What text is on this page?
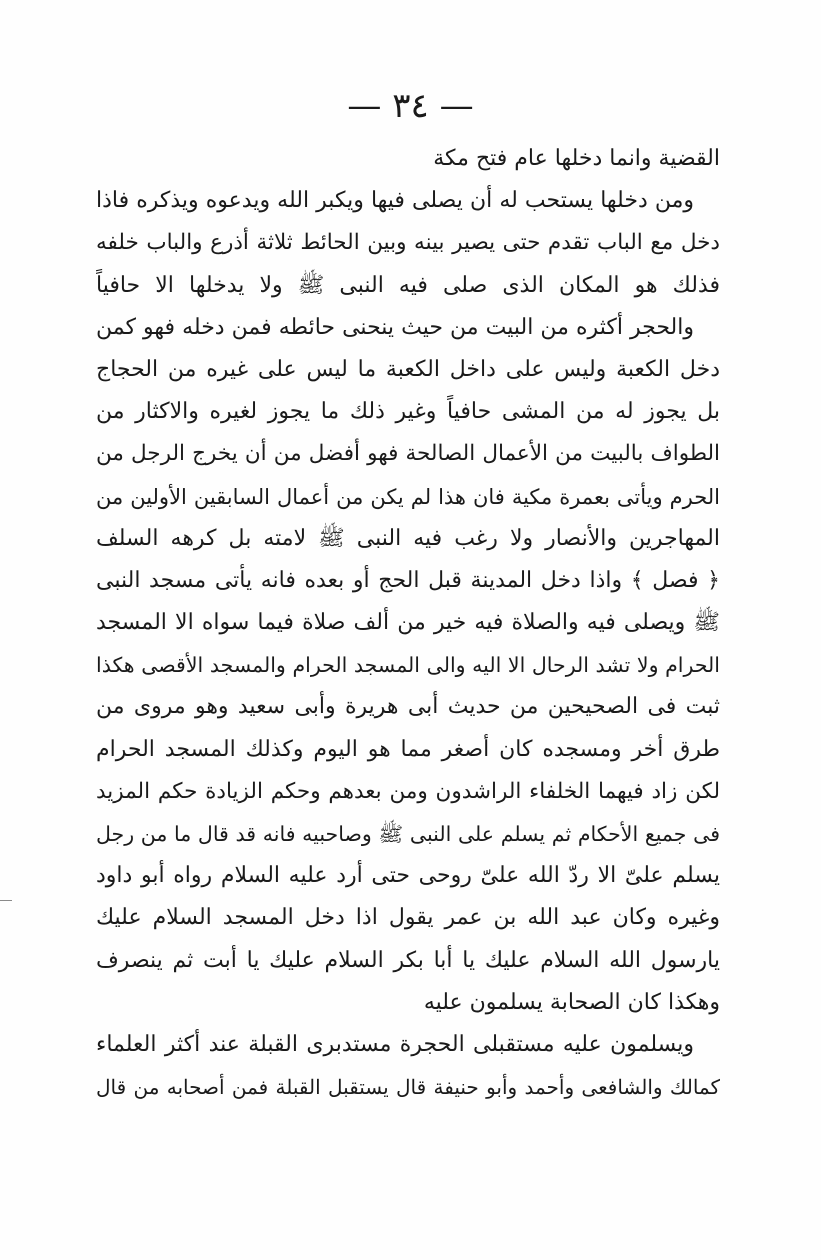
— ٣٤ —
القضية وانما دخلها عام فتح مكة
ومن دخلها يستحب له أن يصلى فيها ويكبر الله ويدعوه ويذكره فاذا
دخل مع الباب تقدم حتى يصير بينه وبين الحائط ثلاثة أذرع والباب خلفه
فذلك هو المكان الذى صلى فيه النبى ﷺ ولا يدخلها الا حافياً
والحجر أكثره من البيت من حيث ينحنى حائطه فمن دخله فهو كمن
دخل الكعبة وليس على داخل الكعبة ما ليس على غيره من الحجاج
بل يجوز له من المشى حافياً وغير ذلك ما يجوز لغيره والاكثار من
الطواف بالبيت من الأعمال الصالحة فهو أفضل من أن يخرج الرجل من
الحرم ويأتى بعمرة مكية فان هذا لم يكن من أعمال السابقين الأولين من
المهاجرين والأنصار ولا رغب فيه النبى ﷺ لامته بل كرهه السلف
﴿ فصل ﴾ واذا دخل المدينة قبل الحج أو بعده فانه يأتى مسجد النبى
ﷺ ويصلى فيه والصلاة فيه خير من ألف صلاة فيما سواه الا المسجد
الحرام ولا تشد الرحال الا اليه والى المسجد الحرام والمسجد الأقصى هكذا
ثبت فى الصحيحين من حديث أبى هريرة وأبى سعيد وهو مروى من
طرق أخر ومسجده كان أصغر مما هو اليوم وكذلك المسجد الحرام
لكن زاد فيهما الخلفاء الراشدون ومن بعدهم وحكم الزيادة حكم المزيد
فى جميع الأحكام ثم يسلم على النبى ﷺ وصاحبيه فانه قد قال ما من رجل
يسلم علىّ الا ردّ الله علىّ روحى حتى أرد عليه السلام رواه أبو داود
وغيره وكان عبد الله بن عمر يقول اذا دخل المسجد السلام عليك
يارسول الله السلام عليك يا أبا بكر السلام عليك يا أبت ثم ينصرف
وهكذا كان الصحابة يسلمون عليه
ويسلمون عليه مستقبلى الحجرة مستدبرى القبلة عند أكثر العلماء
كمالك والشافعى وأحمد وأبو حنيفة قال يستقبل القبلة فمن أصحابه من قال
